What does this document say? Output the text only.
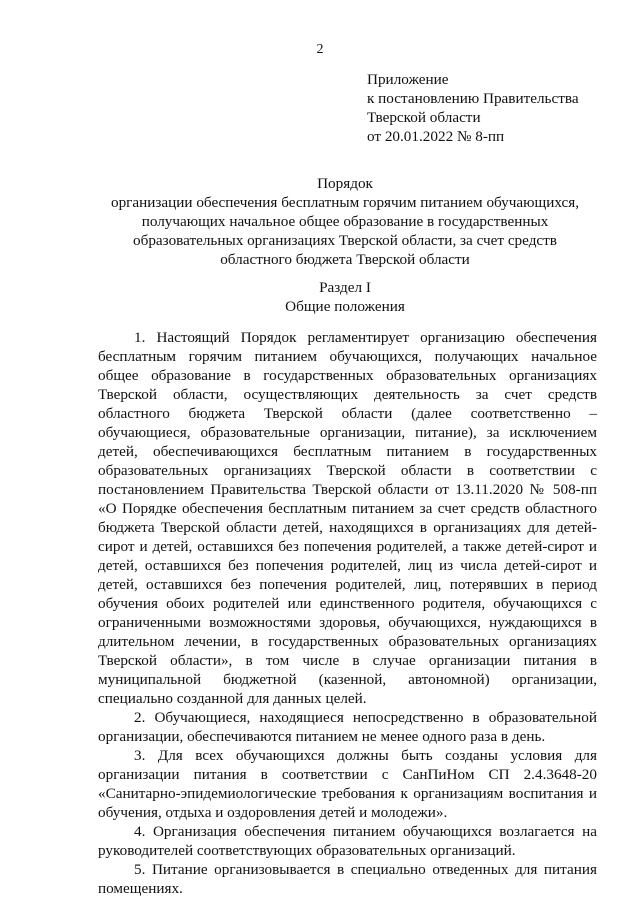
2
Приложение
к постановлению Правительства
Тверской области
от 20.01.2022 № 8-пп
Порядок
организации обеспечения бесплатным горячим питанием обучающихся,
получающих начальное общее образование в государственных
образовательных организациях Тверской области, за счет средств
областного бюджета Тверской области
Раздел I
Общие положения

1. Настоящий Порядок регламентирует организацию обеспечения бесплатным горячим питанием обучающихся, получающих начальное общее образование в государственных образовательных организациях Тверской области, осуществляющих деятельность за счет средств областного бюджета Тверской области (далее соответственно – обучающиеся, образовательные организации, питание), за исключением детей, обеспечивающихся бесплатным питанием в государственных образовательных организациях Тверской области в соответствии с постановлением Правительства Тверской области от 13.11.2020 № 508-пп «О Порядке обеспечения бесплатным питанием за счет средств областного бюджета Тверской области детей, находящихся в организациях для детей-сирот и детей, оставшихся без попечения родителей, а также детей-сирот и детей, оставшихся без попечения родителей, лиц из числа детей-сирот и детей, оставшихся без попечения родителей, лиц, потерявших в период обучения обоих родителей или единственного родителя, обучающихся с ограниченными возможностями здоровья, обучающихся, нуждающихся в длительном лечении, в государственных образовательных организациях Тверской области», в том числе в случае организации питания в муниципальной бюджетной (казенной, автономной) организации, специально созданной для данных целей.

2. Обучающиеся, находящиеся непосредственно в образовательной организации, обеспечиваются питанием не менее одного раза в день.

3. Для всех обучающихся должны быть созданы условия для организации питания в соответствии с СанПиНом СП 2.4.3648-20 «Санитарно-эпидемиологические требования к организациям воспитания и обучения, отдыха и оздоровления детей и молодежи».

4. Организация обеспечения питанием обучающихся возлагается на руководителей соответствующих образовательных организаций.

5. Питание организовывается в специально отведенных для питания помещениях.
